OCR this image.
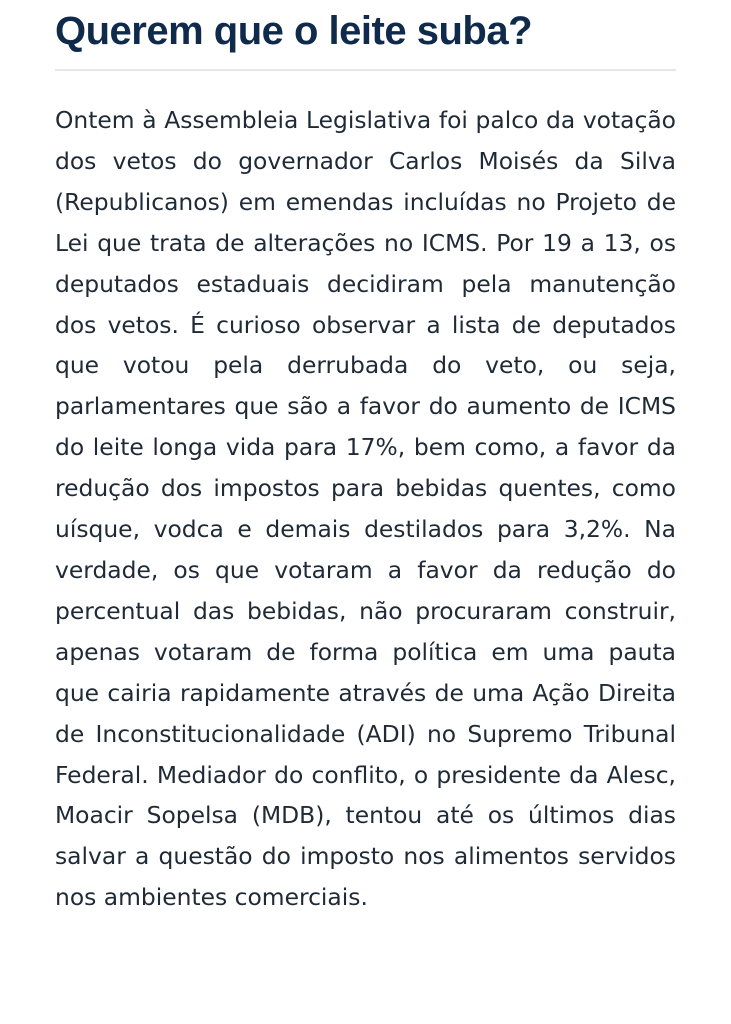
Querem que o leite suba?

Ontem à Assembleia Legislativa foi palco da votação dos vetos do governador Carlos Moisés da Silva (Republicanos) em emendas incluídas no Projeto de Lei que trata de alterações no ICMS. Por 19 a 13, os deputados estaduais decidiram pela manutenção dos vetos. É curioso observar a lista de deputados que votou pela derrubada do veto, ou seja, parlamentares que são a favor do aumento de ICMS do leite longa vida para 17%, bem como, a favor da redução dos impostos para bebidas quentes, como uísque, vodca e demais destilados para 3,2%. Na verdade, os que votaram a favor da redução do percentual das bebidas, não procuraram construir, apenas votaram de forma política em uma pauta que cairia rapidamente através de uma Ação Direita de Inconstitucionalidade (ADI) no Supremo Tribunal Federal. Mediador do conflito, o presidente da Alesc, Moacir Sopelsa (MDB), tentou até os últimos dias salvar a questão do imposto nos alimentos servidos nos ambientes comerciais.
